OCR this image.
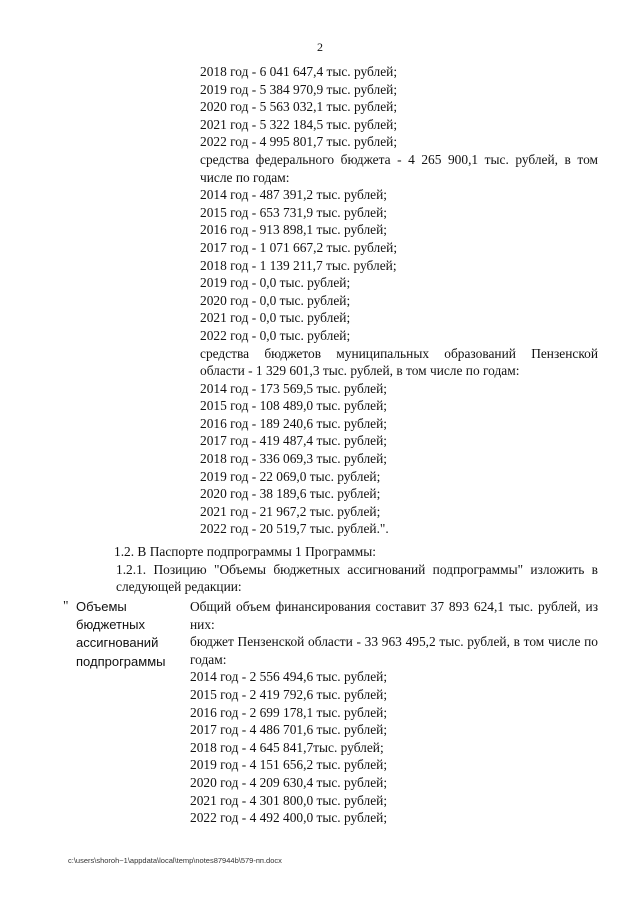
2
2018 год - 6 041 647,4 тыс. рублей;
2019 год - 5 384 970,9 тыс. рублей;
2020 год - 5 563 032,1 тыс. рублей;
2021 год - 5 322 184,5 тыс. рублей;
2022 год - 4 995 801,7 тыс. рублей;
средства федерального бюджета - 4 265 900,1 тыс. рублей, в том числе по годам:
2014 год - 487 391,2 тыс. рублей;
2015 год - 653 731,9 тыс. рублей;
2016 год - 913 898,1 тыс. рублей;
2017 год - 1 071 667,2 тыс. рублей;
2018 год - 1 139 211,7 тыс. рублей;
2019 год - 0,0 тыс. рублей;
2020 год - 0,0 тыс. рублей;
2021 год - 0,0 тыс. рублей;
2022 год - 0,0 тыс. рублей;
средства бюджетов муниципальных образований Пензенской области - 1 329 601,3 тыс. рублей, в том числе по годам:
2014 год - 173 569,5 тыс. рублей;
2015 год - 108 489,0 тыс. рублей;
2016 год - 189 240,6 тыс. рублей;
2017 год - 419 487,4 тыс. рублей;
2018 год - 336 069,3 тыс. рублей;
2019 год - 22 069,0 тыс. рублей;
2020 год - 38 189,6 тыс. рублей;
2021 год - 21 967,2 тыс. рублей;
2022 год - 20 519,7 тыс. рублей.".
1.2. В Паспорте подпрограммы 1 Программы:
1.2.1. Позицию "Объемы бюджетных ассигнований подпрограммы" изложить в следующей редакции:
" Объемы
бюджетных
ассигнований
подпрограммы
Общий объем финансирования составит 37 893 624,1 тыс. рублей, из них:
бюджет Пензенской области - 33 963 495,2 тыс. рублей, в том числе по годам:
2014 год - 2 556 494,6 тыс. рублей;
2015 год - 2 419 792,6 тыс. рублей;
2016 год - 2 699 178,1 тыс. рублей;
2017 год - 4 486 701,6 тыс. рублей;
2018 год - 4 645 841,7тыс. рублей;
2019 год - 4 151 656,2 тыс. рублей;
2020 год - 4 209 630,4 тыс. рублей;
2021 год - 4 301 800,0 тыс. рублей;
2022 год - 4 492 400,0 тыс. рублей;
c:\users\shoroh~1\appdata\local\temp\notes87944b\579-пп.docx
